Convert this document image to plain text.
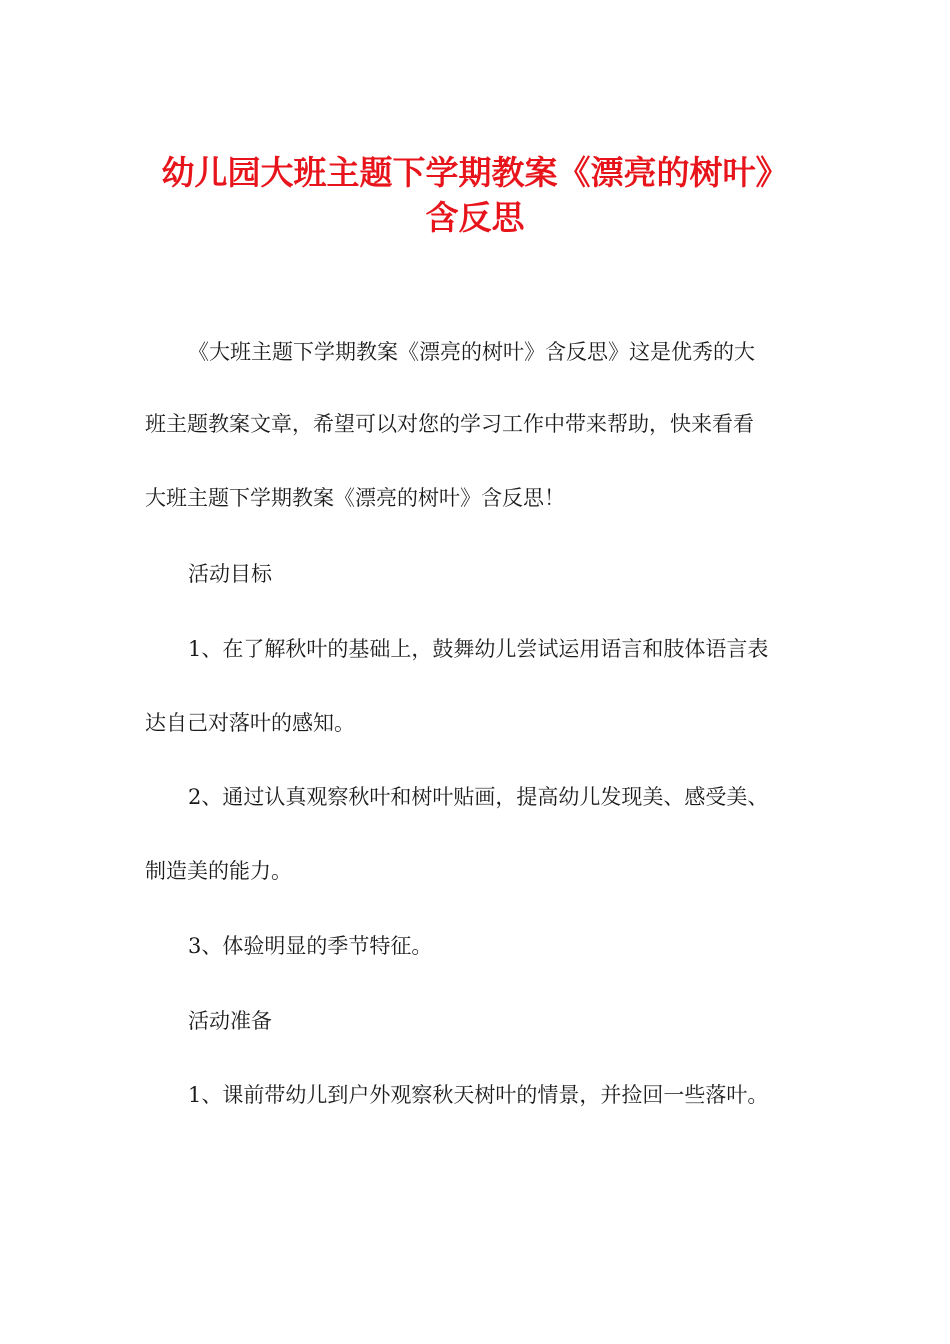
幼儿园大班主题下学期教案《漂亮的树叶》
含反思
《大班主题下学期教案《漂亮的树叶》含反思》这是优秀的大
班主题教案文章，希望可以对您的学习工作中带来帮助，快来看看
大班主题下学期教案《漂亮的树叶》含反思！
活动目标
1、在了解秋叶的基础上，鼓舞幼儿尝试运用语言和肢体语言表
达自己对落叶的感知。
2、通过认真观察秋叶和树叶贴画，提高幼儿发现美、感受美、
制造美的能力。
3、体验明显的季节特征。
活动准备
1、课前带幼儿到户外观察秋天树叶的情景，并捡回一些落叶。
